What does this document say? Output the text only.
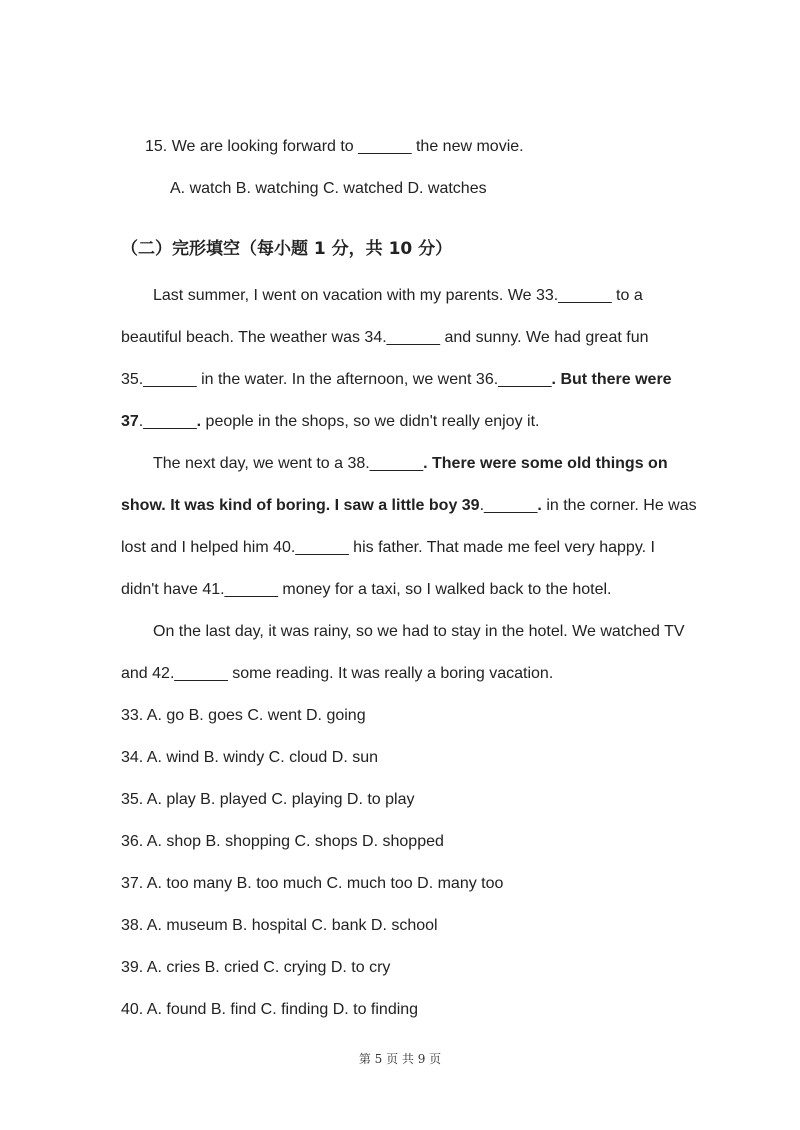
15. We are looking forward to ______ the new movie.
A. watch B. watching C. watched D. watches
（二）完形填空（每小题 1 分，共 10 分）
Last summer, I went on vacation with my parents. We 33.______ to a
beautiful beach. The weather was 34.______ and sunny. We had great fun
35.______ in the water. In the afternoon, we went 36.______. But there were
37.______. people in the shops, so we didn't really enjoy it.
The next day, we went to a 38.______. There were some old things on
show. It was kind of boring. I saw a little boy 39.______. in the corner. He was
lost and I helped him 40.______ his father. That made me feel very happy. I
didn't have 41.______ money for a taxi, so I walked back to the hotel.
On the last day, it was rainy, so we had to stay in the hotel. We watched TV
and 42.______ some reading. It was really a boring vacation.
33. A. go B. goes C. went D. going
34. A. wind B. windy C. cloud D. sun
35. A. play B. played C. playing D. to play
36. A. shop B. shopping C. shops D. shopped
37. A. too many B. too much C. much too D. many too
38. A. museum B. hospital C. bank D. school
39. A. cries B. cried C. crying D. to cry
40. A. found B. find C. finding D. to finding
第 5 页 共 9 页
